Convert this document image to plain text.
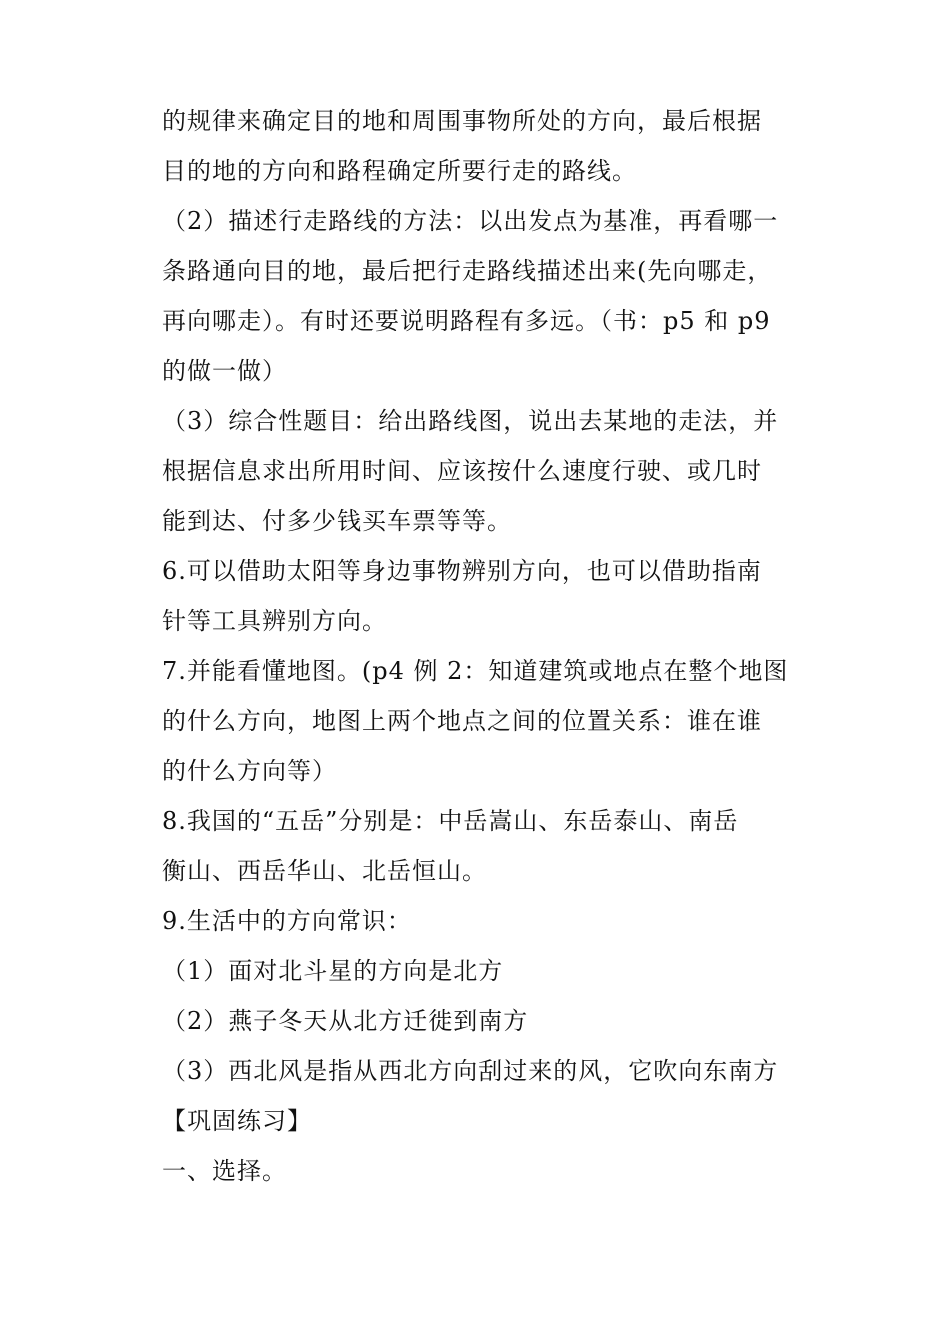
的规律来确定目的地和周围事物所处的方向，最后根据
目的地的方向和路程确定所要行走的路线。
（2）描述行走路线的方法：以出发点为基准，再看哪一
条路通向目的地，最后把行走路线描述出来(先向哪走，
再向哪走）。有时还要说明路程有多远。（书：p5 和 p9
的做一做）
（3）综合性题目：给出路线图，说出去某地的走法，并
根据信息求出所用时间、应该按什么速度行驶、或几时
能到达、付多少钱买车票等等。
6.可以借助太阳等身边事物辨别方向，也可以借助指南
针等工具辨别方向。
7.并能看懂地图。(p4 例 2：知道建筑或地点在整个地图
的什么方向，地图上两个地点之间的位置关系：谁在谁
的什么方向等）
8.我国的“五岳”分别是：中岳嵩山、东岳泰山、南岳
衡山、西岳华山、北岳恒山。
9.生活中的方向常识：
（1）面对北斗星的方向是北方
（2）燕子冬天从北方迁徙到南方
（3）西北风是指从西北方向刮过来的风，它吹向东南方
【巩固练习】
一、选择。
